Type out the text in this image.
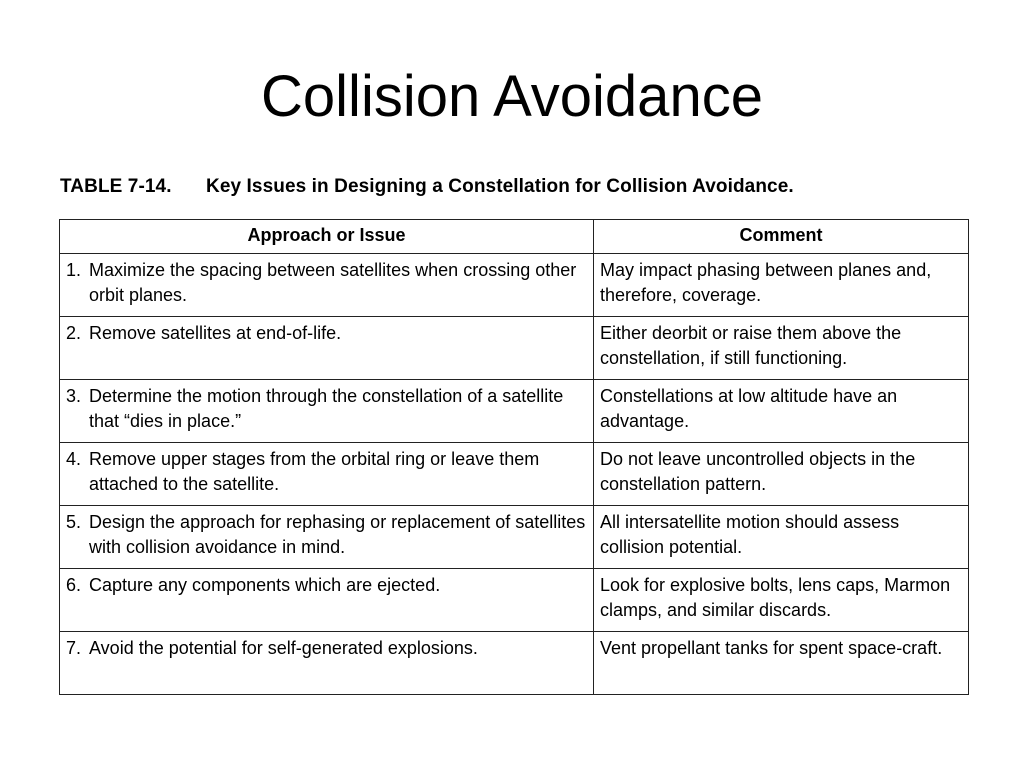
Collision Avoidance
TABLE 7-14. Key Issues in Designing a Constellation for Collision Avoidance.
Approach or Issue	Comment

1. Maximize the spacing between satellites when crossing other orbit planes.	May impact phasing between planes and, therefore, coverage.

2. Remove satellites at end-of-life.	Either deorbit or raise them above the constellation, if still functioning.

3. Determine the motion through the constellation of a satellite that “dies in place.”	Constellations at low altitude have an advantage.

4. Remove upper stages from the orbital ring or leave them attached to the satellite.	Do not leave uncontrolled objects in the constellation pattern.

5. Design the approach for rephasing or replacement of satellites with collision avoidance in mind.	All intersatellite motion should assess collision potential.

6. Capture any components which are ejected.	Look for explosive bolts, lens caps, Marmon clamps, and similar discards.

7. Avoid the potential for self-generated explosions.	Vent propellant tanks for spent space-craft.
